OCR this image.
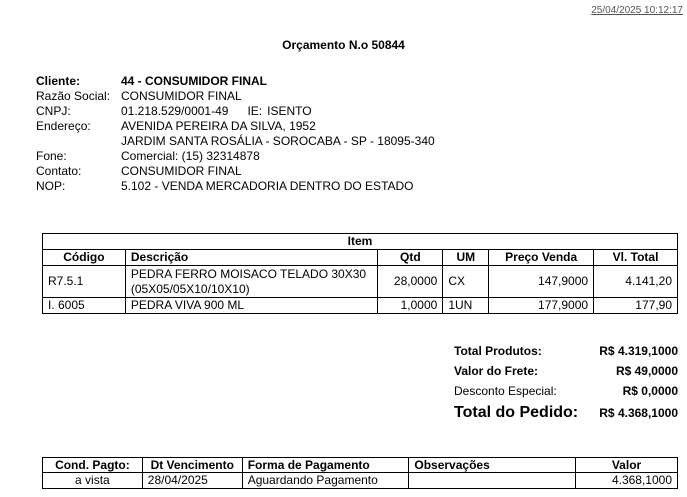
25/04/2025 10:12:17
Orçamento N.o 50844
Cliente:	44 - CONSUMIDOR FINAL
Razão Social: CONSUMIDOR FINAL
CNPJ:	01.218.529/0001-49 IE: ISENTO
Endereço:	AVENIDA PEREIRA DA SILVA, 1952
JARDIM SANTA ROSÁLIA - SOROCABA - SP - 18095-340
Fone:	Comercial: (15) 32314878
Contato:	CONSUMIDOR FINAL
NOP:	5.102 - VENDA MERCADORIA DENTRO DO ESTADO
Item					
Código	Descrição	Qtd	UM	Preço Venda	Vl. Total
R7.5.1	PEDRA FERRO MOISACO TELADO 30X30
(05X05/05X10/10X10)	28,0000	CX	147,9000	4.141,20
I. 6005	PEDRA VIVA 900 ML	1,0000	1UN	177,9000	177,90
Total Produtos:	R$ 4.319,1000
Valor do Frete:	R$ 49,0000
Desconto Especial:	R$ 0,0000
Total do Pedido: R$ 4.368,1000
Cond. Pagto:	Dt Vencimento	Forma de Pagamento	Observações	Valor
a vista	28/04/2025	Aguardando Pagamento		4.368,1000
